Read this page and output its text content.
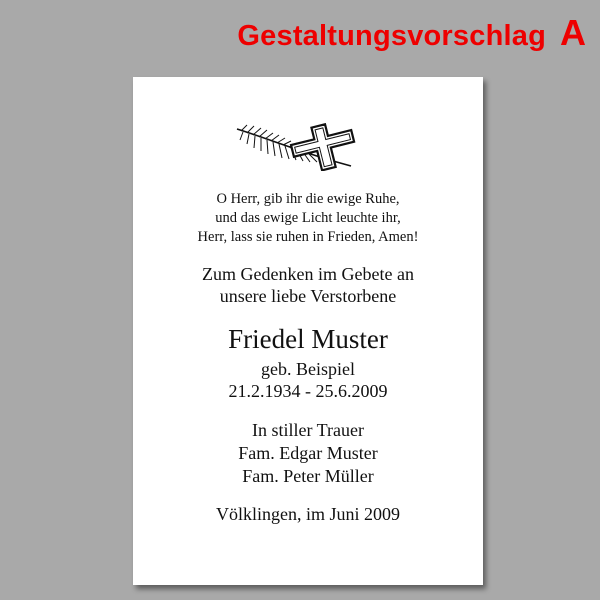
Gestaltungsvorschlag A
O Herr, gib ihr die ewige Ruhe,
und das ewige Licht leuchte ihr,
Herr, lass sie ruhen in Frieden, Amen!
Zum Gedenken im Gebete an
unsere liebe Verstorbene
Friedel Muster
geb. Beispiel
21.2.1934 - 25.6.2009
In stiller Trauer
Fam. Edgar Muster
Fam. Peter Müller
Völklingen, im Juni 2009
